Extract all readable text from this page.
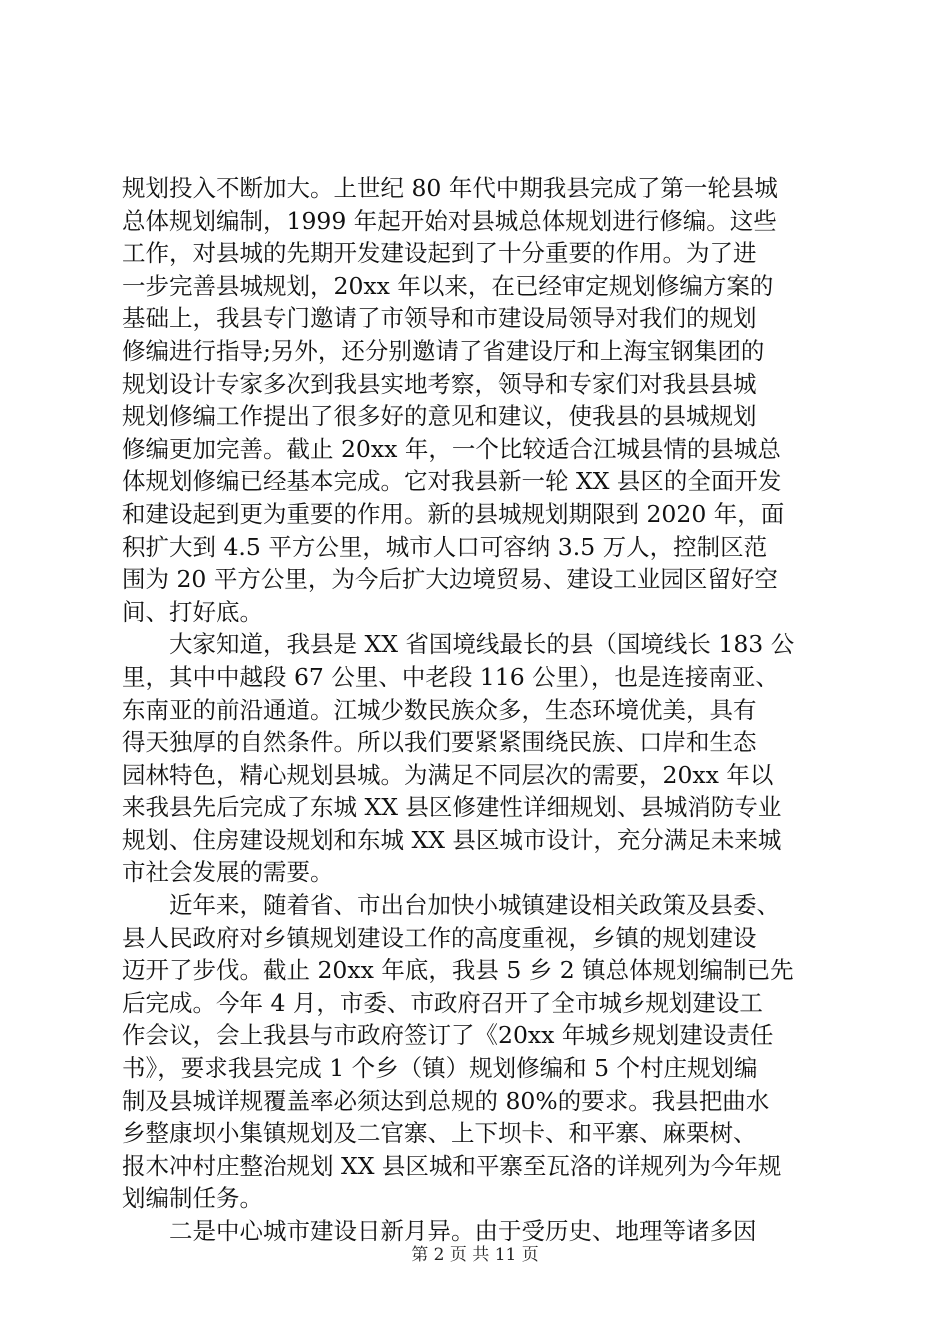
规划投入不断加大。上世纪 80 年代中期我县完成了第一轮县城
总体规划编制，1999 年起开始对县城总体规划进行修编。这些
工作，对县城的先期开发建设起到了十分重要的作用。为了进
一步完善县城规划，20xx 年以来，在已经审定规划修编方案的
基础上，我县专门邀请了市领导和市建设局领导对我们的规划
修编进行指导;另外，还分别邀请了省建设厅和上海宝钢集团的
规划设计专家多次到我县实地考察，领导和专家们对我县县城
规划修编工作提出了很多好的意见和建议，使我县的县城规划
修编更加完善。截止 20xx 年，一个比较适合江城县情的县城总
体规划修编已经基本完成。它对我县新一轮 XX 县区的全面开发
和建设起到更为重要的作用。新的县城规划期限到 2020 年，面
积扩大到 4.5 平方公里，城市人口可容纳 3.5 万人，控制区范
围为 20 平方公里，为今后扩大边境贸易、建设工业园区留好空
间、打好底。
　　大家知道，我县是 XX 省国境线最长的县（国境线长 183 公
里，其中中越段 67 公里、中老段 116 公里），也是连接南亚、
东南亚的前沿通道。江城少数民族众多，生态环境优美，具有
得天独厚的自然条件。所以我们要紧紧围绕民族、口岸和生态
园林特色，精心规划县城。为满足不同层次的需要，20xx 年以
来我县先后完成了东城 XX 县区修建性详细规划、县城消防专业
规划、住房建设规划和东城 XX 县区城市设计，充分满足未来城
市社会发展的需要。
　　近年来，随着省、市出台加快小城镇建设相关政策及县委、
县人民政府对乡镇规划建设工作的高度重视，乡镇的规划建设
迈开了步伐。截止 20xx 年底，我县 5 乡 2 镇总体规划编制已先
后完成。今年 4 月，市委、市政府召开了全市城乡规划建设工
作会议，会上我县与市政府签订了《20xx 年城乡规划建设责任
书》，要求我县完成 1 个乡（镇）规划修编和 5 个村庄规划编
制及县城详规覆盖率必须达到总规的 80%的要求。我县把曲水
乡整康坝小集镇规划及二官寨、上下坝卡、和平寨、麻栗树、
报木冲村庄整治规划 XX 县区城和平寨至瓦洛的详规列为今年规
划编制任务。
　　二是中心城市建设日新月异。由于受历史、地理等诸多因
第 2 页 共 11 页
